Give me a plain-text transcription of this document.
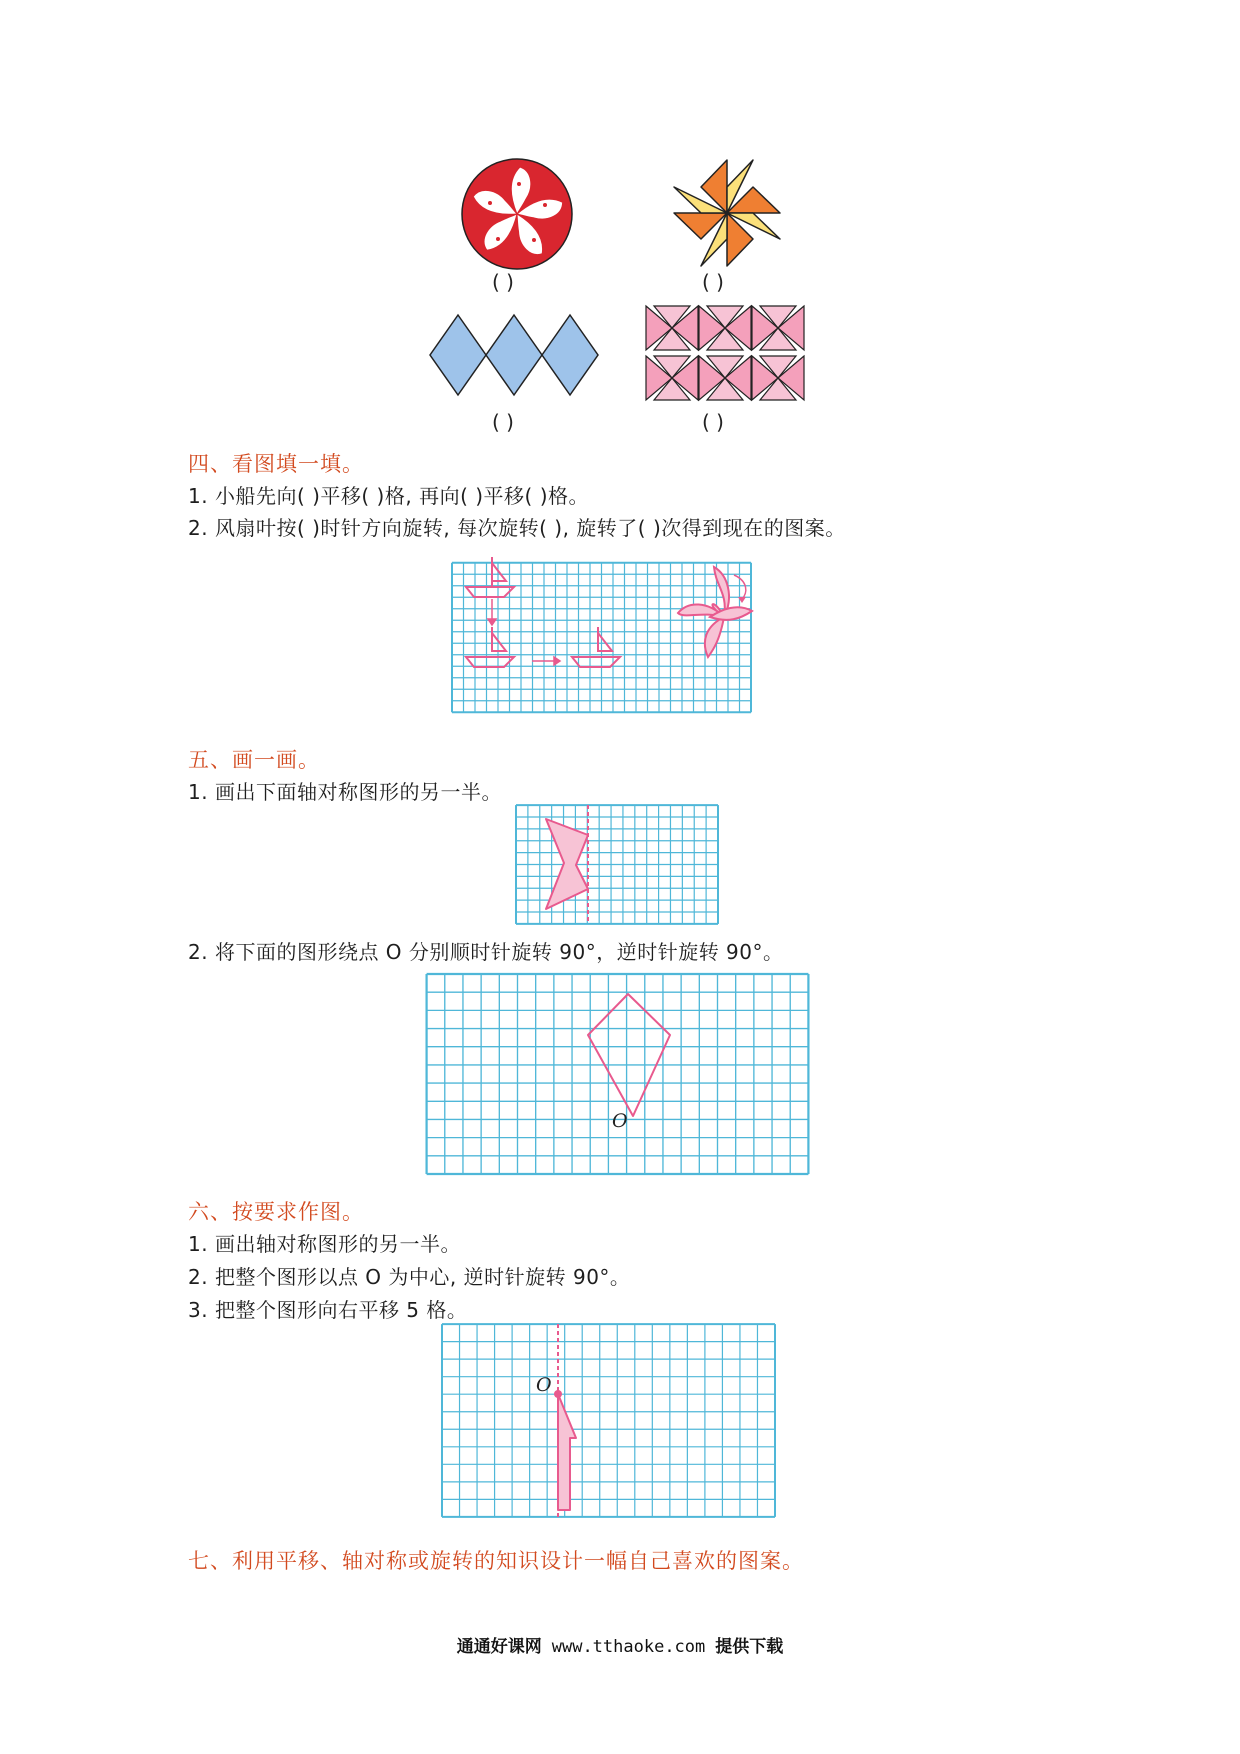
( )	( )
( )	( )
四、看图填一填。
1. 小船先向( )平移( )格, 再向( )平移( )格。
2. 风扇叶按( )时针方向旋转, 每次旋转( ), 旋转了( )次得到现在的图案。
五、画一画。
1. 画出下面轴对称图形的另一半。
2. 将下面的图形绕点 O 分别顺时针旋转 90°，逆时针旋转 90°。
O
六、按要求作图。
1. 画出轴对称图形的另一半。
2. 把整个图形以点 O 为中心, 逆时针旋转 90°。
3. 把整个图形向右平移 5 格。
O
七、利用平移、轴对称或旋转的知识设计一幅自己喜欢的图案。
通通好课网 www.tthaoke.com 提供下载
